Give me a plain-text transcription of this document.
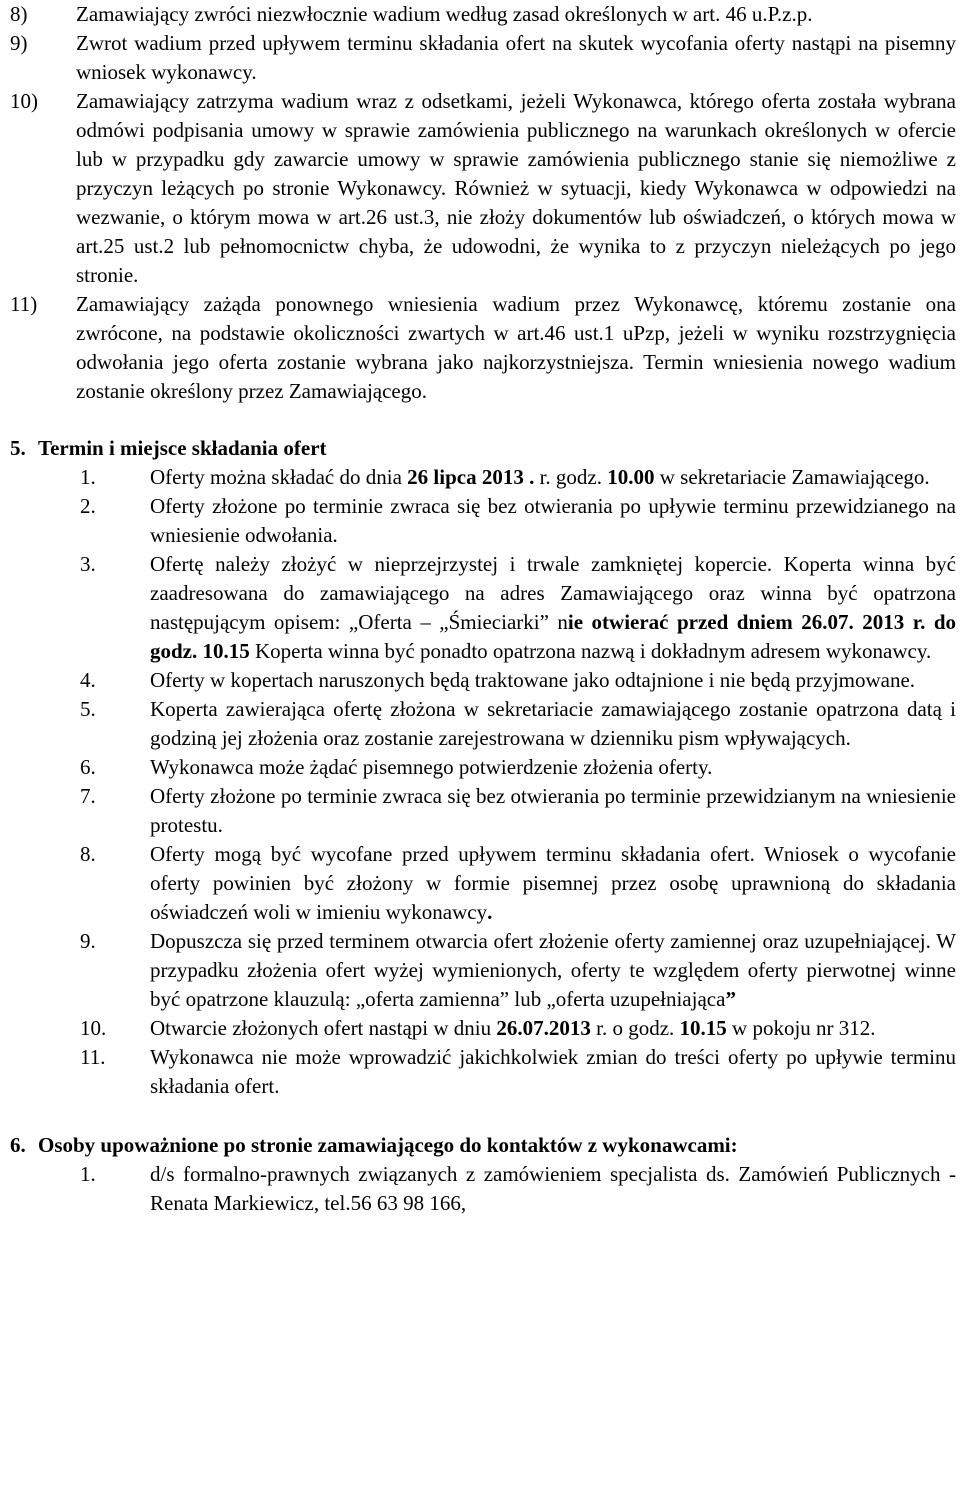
8) Zamawiający zwróci niezwłocznie wadium według zasad określonych w art. 46 u.P.z.p.
9) Zwrot wadium przed upływem terminu składania ofert na skutek wycofania oferty nastąpi na pisemny wniosek wykonawcy.
10) Zamawiający zatrzyma wadium wraz z odsetkami, jeżeli Wykonawca, którego oferta została wybrana odmówi podpisania umowy w sprawie zamówienia publicznego na warunkach określonych w ofercie lub w przypadku gdy zawarcie umowy w sprawie zamówienia publicznego stanie się niemożliwe z przyczyn leżących po stronie Wykonawcy. Również w sytuacji, kiedy Wykonawca w odpowiedzi na wezwanie, o którym mowa w art.26 ust.3, nie złoży dokumentów lub oświadczeń, o których mowa w art.25 ust.2 lub pełnomocnictw chyba, że udowodni, że wynika to z przyczyn nieleżących po jego stronie.
11) Zamawiający zażąda ponownego wniesienia wadium przez Wykonawcę, któremu zostanie ona zwrócone, na podstawie okoliczności zwartych w art.46 ust.1 uPzp, jeżeli w wyniku rozstrzygnięcia odwołania jego oferta zostanie wybrana jako najkorzystniejsza. Termin wniesienia nowego wadium zostanie określony przez Zamawiającego.
5. Termin i miejsce składania ofert
1.	Oferty można składać do dnia 26 lipca 2013 . r. godz. 10.00 w sekretariacie Zamawiającego.
2.	Oferty złożone po terminie zwraca się bez otwierania po upływie terminu przewidzianego na wniesienie odwołania.
3.	Ofertę należy złożyć w nieprzejrzystej i trwale zamkniętej kopercie. Koperta winna być zaadresowana do zamawiającego na adres Zamawiającego oraz winna być opatrzona następującym opisem: „Oferta – „Śmieciarki” nie otwierać przed dniem 26.07. 2013 r. do godz. 10.15 Koperta winna być ponadto opatrzona nazwą i dokładnym adresem wykonawcy.
4.	Oferty w kopertach naruszonych będą traktowane jako odtajnione i nie będą przyjmowane.
5.	Koperta zawierająca ofertę złożona w sekretariacie zamawiającego zostanie opatrzona datą i godziną jej złożenia oraz zostanie zarejestrowana w dzienniku pism wpływających.
6.	Wykonawca może żądać pisemnego potwierdzenie złożenia oferty.
7.	Oferty złożone po terminie zwraca się bez otwierania po terminie przewidzianym na wniesienie protestu.
8.	Oferty mogą być wycofane przed upływem terminu składania ofert. Wniosek o wycofanie oferty powinien być złożony w formie pisemnej przez osobę uprawnioną do składania oświadczeń woli w imieniu wykonawcy.
9.	Dopuszcza się przed terminem otwarcia ofert złożenie oferty zamiennej oraz uzupełniającej. W przypadku złożenia ofert wyżej wymienionych, oferty te względem oferty pierwotnej winne być opatrzone klauzulą: „oferta zamienna” lub „oferta uzupełniająca”
10. Otwarcie złożonych ofert nastąpi w dniu 26.07.2013 r. o godz. 10.15 w pokoju nr 312.
11. Wykonawca nie może wprowadzić jakichkolwiek zmian do treści oferty po upływie terminu składania ofert.
6. Osoby upoważnione po stronie zamawiającego do kontaktów z wykonawcami:
1.	d/s formalno-prawnych związanych z zamówieniem specjalista ds. Zamówień Publicznych - Renata Markiewicz, tel.56 63 98 166,
